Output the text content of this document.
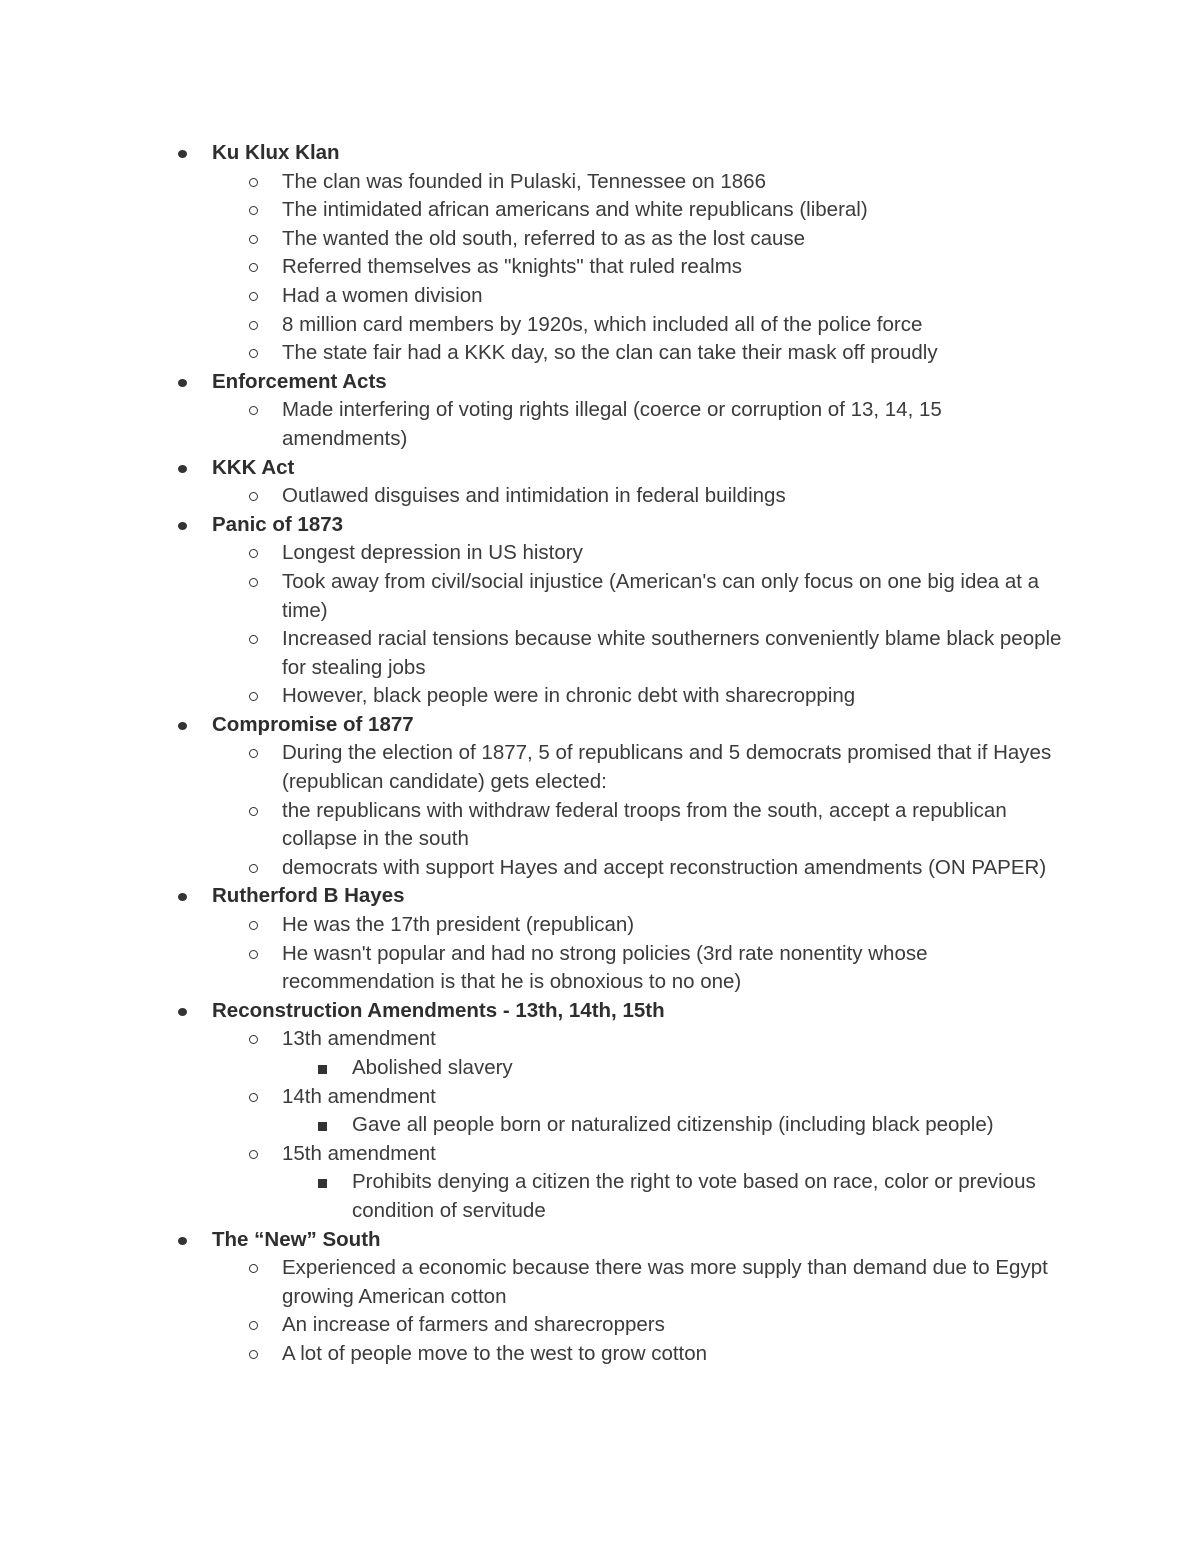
Ku Klux Klan
The clan was founded in Pulaski, Tennessee on 1866
The intimidated african americans and white republicans (liberal)
The wanted the old south, referred to as as the lost cause
Referred themselves as "knights" that ruled realms
Had a women division
8 million card members by 1920s, which included all of the police force
The state fair had a KKK day, so the clan can take their mask off proudly
Enforcement Acts
Made interfering of voting rights illegal (coerce or corruption of 13, 14, 15 amendments)
KKK Act
Outlawed disguises and intimidation in federal buildings
Panic of 1873
Longest depression in US history
Took away from civil/social injustice (American's can only focus on one big idea at a time)
Increased racial tensions because white southerners conveniently blame black people for stealing jobs
However, black people were in chronic debt with sharecropping
Compromise of 1877
During the election of 1877, 5 of republicans and 5 democrats promised that if Hayes (republican candidate) gets elected:
the republicans with withdraw federal troops from the south, accept a republican collapse in the south
democrats with support Hayes and accept reconstruction amendments (ON PAPER)
Rutherford B Hayes
He was the 17th president (republican)
He wasn't popular and had no strong policies (3rd rate nonentity whose recommendation is that he is obnoxious to no one)
Reconstruction Amendments - 13th, 14th, 15th
13th amendment
Abolished slavery
14th amendment
Gave all people born or naturalized citizenship (including black people)
15th amendment
Prohibits denying a citizen the right to vote based on race, color or previous condition of servitude
The “New” South
Experienced a economic because there was more supply than demand due to Egypt growing American cotton
An increase of farmers and sharecroppers
A lot of people move to the west to grow cotton
